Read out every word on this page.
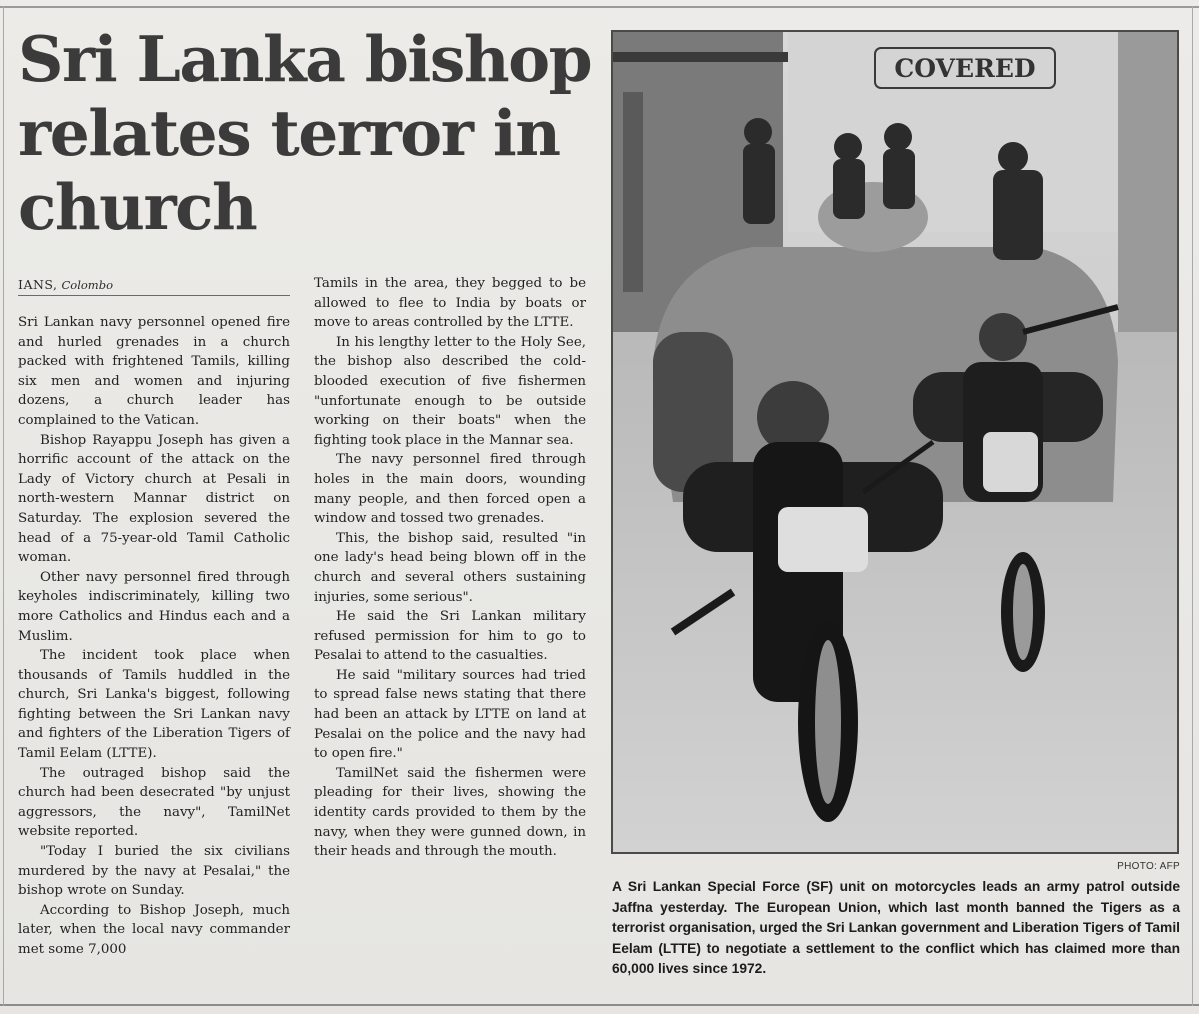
Sri Lanka bishop relates terror in church
IANS, Colombo

Sri Lankan navy personnel opened fire and hurled grenades in a church packed with frightened Tamils, killing six men and women and injuring dozens, a church leader has complained to the Vatican.

Bishop Rayappu Joseph has given a horrific account of the attack on the Lady of Victory church at Pesali in north-western Mannar district on Saturday. The explosion severed the head of a 75-year-old Tamil Catholic woman.

Other navy personnel fired through keyholes indiscriminately, killing two more Catholics and Hindus each and a Muslim.

The incident took place when thousands of Tamils huddled in the church, Sri Lanka's biggest, following fighting between the Sri Lankan navy and fighters of the Liberation Tigers of Tamil Eelam (LTTE).

The outraged bishop said the church had been desecrated "by unjust aggressors, the navy", TamilNet website reported.

"Today I buried the six civilians murdered by the navy at Pesalai," the bishop wrote on Sunday.

According to Bishop Joseph, much later, when the local navy commander met some 7,000

Tamils in the area, they begged to be allowed to flee to India by boats or move to areas controlled by the LTTE.

In his lengthy letter to the Holy See, the bishop also described the cold-blooded execution of five fishermen "unfortunate enough to be outside working on their boats" when the fighting took place in the Mannar sea.

The navy personnel fired through holes in the main doors, wounding many people, and then forced open a window and tossed two grenades.

This, the bishop said, resulted "in one lady's head being blown off in the church and several others sustaining injuries, some serious".

He said the Sri Lankan military refused permission for him to go to Pesalai to attend to the casualties.

He said "military sources had tried to spread false news stating that there had been an attack by LTTE on land at Pesalai on the police and the navy had to open fire."

TamilNet said the fishermen were pleading for their lives, showing the identity cards provided to them by the navy, when they were gunned down, in their heads and through the mouth.

COVERED
PHOTO: AFP
A Sri Lankan Special Force (SF) unit on motorcycles leads an army patrol outside Jaffna yesterday. The European Union, which last month banned the Tigers as a terrorist organisation, urged the Sri Lankan government and Liberation Tigers of Tamil Eelam (LTTE) to negotiate a settlement to the conflict which has claimed more than 60,000 lives since 1972.
